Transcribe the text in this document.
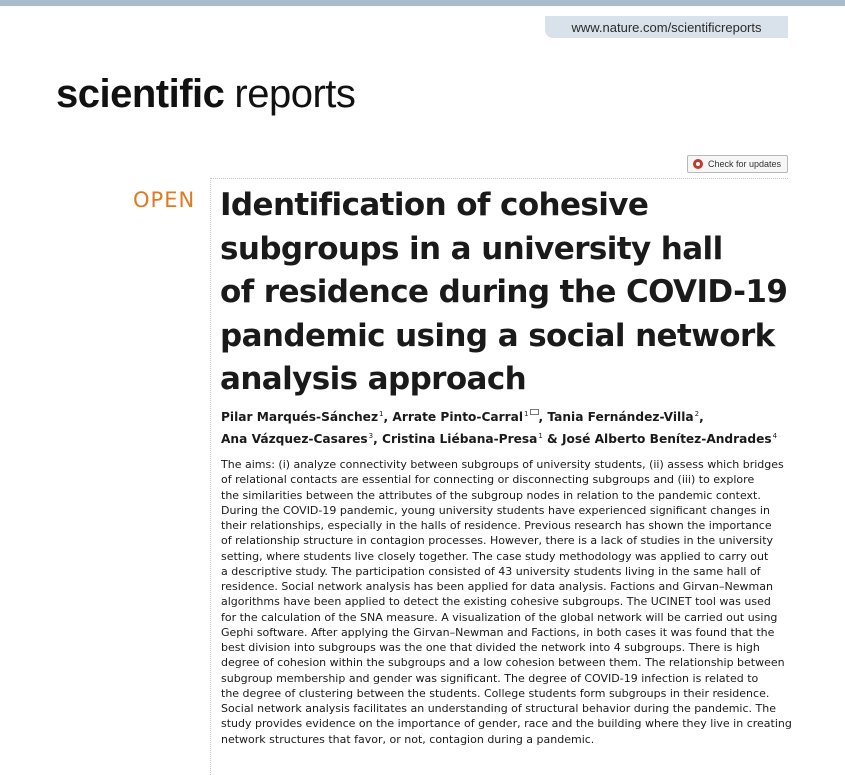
www.nature.com/scientificreports
scientific reports
Check for updates
OPEN Identification of cohesive
subgroups in a university hall
of residence during the COVID-19
pandemic using a social network
analysis approach
Pilar Marqués-Sánchez$^1$, Arrate Pinto-Carral$^1$ , Tania Fernández-Villa$^2$,
Ana Vázquez-Casares$^3$, Cristina Liébana-Presa$^1$ & José Alberto Benítez-Andrades$^4$
The aims: (i) analyze connectivity between subgroups of university students, (ii) assess which bridges
of relational contacts are essential for connecting or disconnecting subgroups and (iii) to explore
the similarities between the attributes of the subgroup nodes in relation to the pandemic context.
During the COVID-19 pandemic, young university students have experienced significant changes in
their relationships, especially in the halls of residence. Previous research has shown the importance
of relationship structure in contagion processes. However, there is a lack of studies in the university
setting, where students live closely together. The case study methodology was applied to carry out
a descriptive study. The participation consisted of 43 university students living in the same hall of
residence. Social network analysis has been applied for data analysis. Factions and Girvan–Newman
algorithms have been applied to detect the existing cohesive subgroups. The UCINET tool was used
for the calculation of the SNA measure. A visualization of the global network will be carried out using
Gephi software. After applying the Girvan–Newman and Factions, in both cases it was found that the
best division into subgroups was the one that divided the network into 4 subgroups. There is high
degree of cohesion within the subgroups and a low cohesion between them. The relationship between
subgroup membership and gender was significant. The degree of COVID-19 infection is related to
the degree of clustering between the students. College students form subgroups in their residence.
Social network analysis facilitates an understanding of structural behavior during the pandemic. The
study provides evidence on the importance of gender, race and the building where they live in creating
network structures that favor, or not, contagion during a pandemic.
